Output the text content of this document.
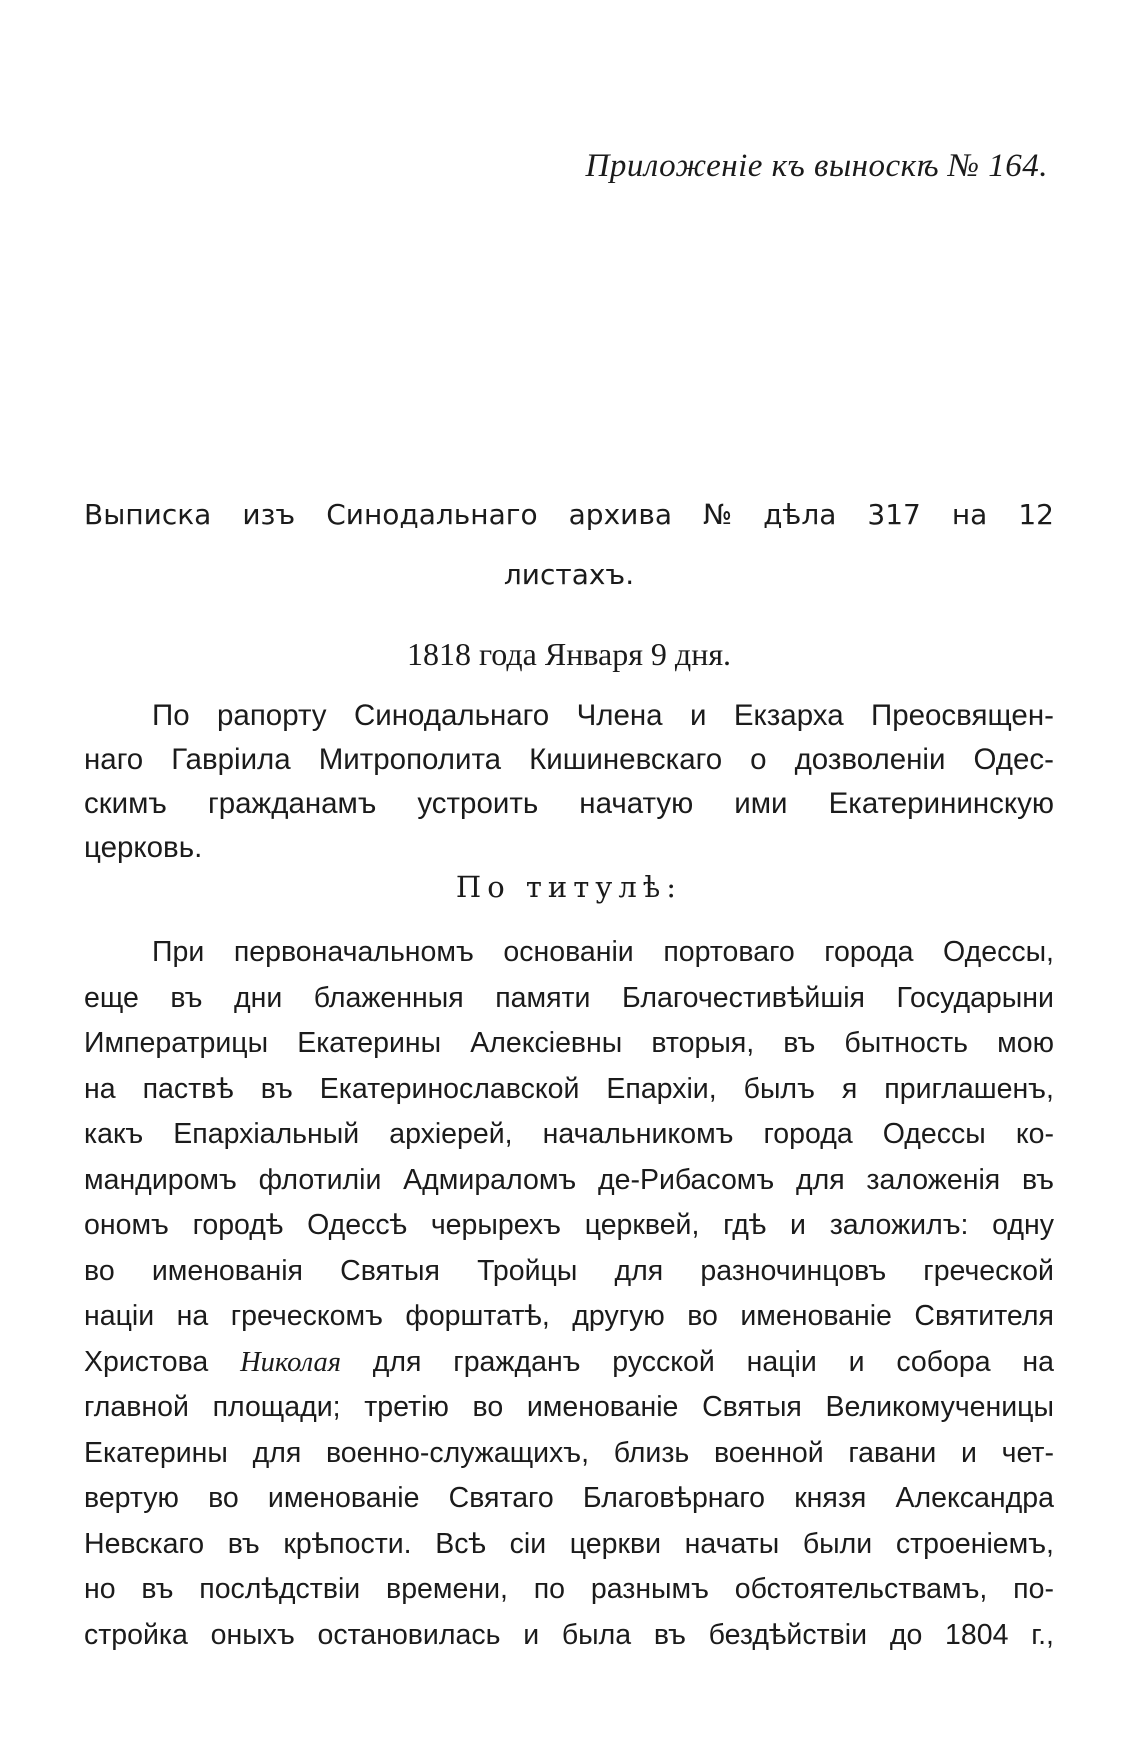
Приложеніе къ выноскѣ № 164.
Выписка изъ Синодальнаго архива № дѣла 317 на 12
листахъ.
1818 года Января 9 дня.
По рапорту Синодальнаго Члена и Екзарха Преосвящен-
наго Гавріила Митрополита Кишиневскаго о дозволеніи Одес-
скимъ гражданамъ устроить начатую ими Екатерининскую
церковь.
По титулѣ:
При первоначальномъ основаніи портоваго города Одессы,
еще въ дни блаженныя памяти Благочестивѣйшія Государыни
Императрицы Екатерины Алексіевны вторыя, въ бытность мою
на паствѣ въ Екатеринославской Епархіи, былъ я приглашенъ,
какъ Епархіальный архіерей, начальникомъ города Одессы ко-
мандиромъ флотиліи Адмираломъ де-Рибасомъ для заложенія въ
ономъ городѣ Одессѣ черырехъ церквей, гдѣ и заложилъ: одну
во именованія Святыя Тройцы для разночинцовъ греческой
націи на греческомъ форштатѣ, другую во именованіе Святителя
Христова Николая для гражданъ русской націи и собора на
главной площади; третію во именованіе Святыя Великомученицы
Екатерины для военно-служащихъ, близь военной гавани и чет-
вертую во именованіе Святаго Благовѣрнаго князя Александра
Невскаго въ крѣпости. Всѣ сіи церкви начаты были строеніемъ,
но въ послѣдствіи времени, по разнымъ обстоятельствамъ, по-
стройка оныхъ остановилась и была въ бездѣйствіи до 1804 г.,
